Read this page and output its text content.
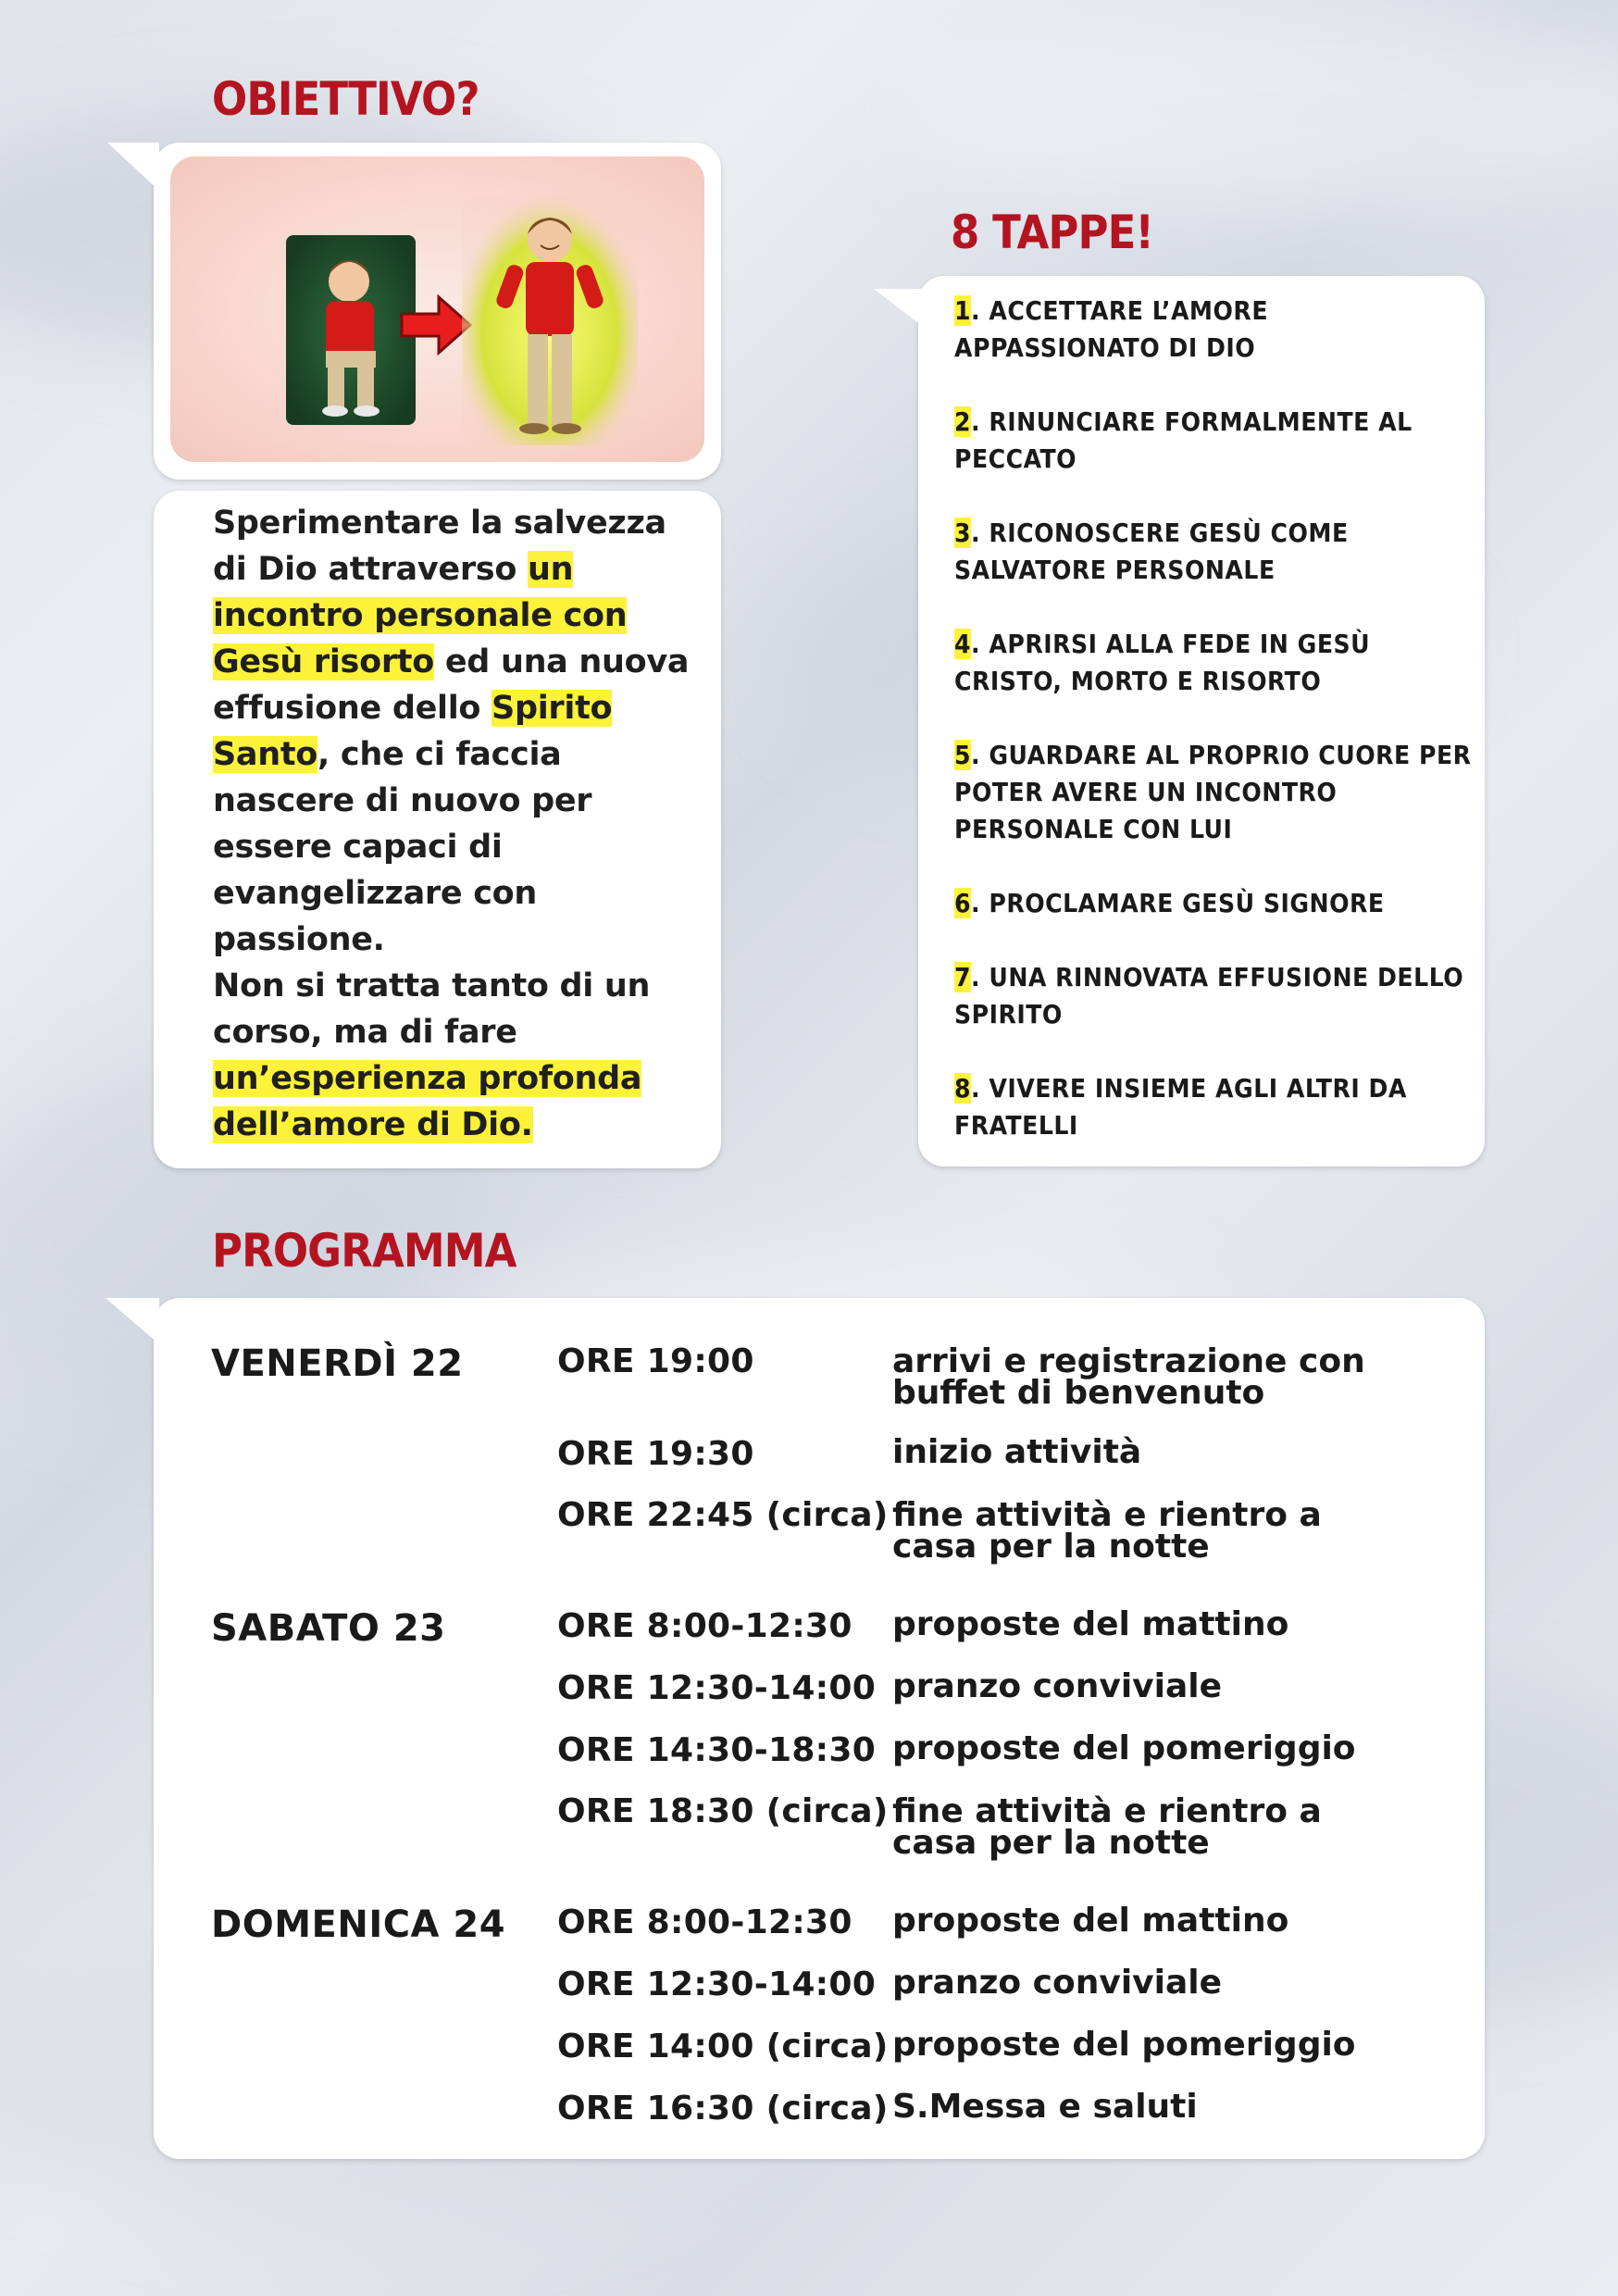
OBIETTIVO?
Sperimentare la salvezza di Dio attraverso un incontro personale con Gesù risorto ed una nuova effusione dello Spirito Santo, che ci faccia nascere di nuovo per essere capaci di evangelizzare con passione.
Non si tratta tanto di un corso, ma di fare un’esperienza profonda dell’amore di Dio.
8 TAPPE!
1. ACCETTARE L’AMORE APPASSIONATO DI DIO
2. RINUNCIARE FORMALMENTE AL PECCATO
3. RICONOSCERE GESÙ COME SALVATORE PERSONALE
4. APRIRSI ALLA FEDE IN GESÙ CRISTO, MORTO E RISORTO
5. GUARDARE AL PROPRIO CUORE PER POTER AVERE UN INCONTRO PERSONALE CON LUI
6. PROCLAMARE GESÙ SIGNORE
7. UNA RINNOVATA EFFUSIONE DELLO SPIRITO
8. VIVERE INSIEME AGLI ALTRI DA FRATELLI
PROGRAMMA
VENERDÌ 22	ORE 19:00	arrivi e registrazione con buffet di benvenuto
ORE 19:30	inizio attività
ORE 22:45 (circa) fine attività e rientro a casa per la notte
SABATO 23	ORE 8:00-12:30 proposte del mattino
ORE 12:30-14:00 pranzo conviviale
ORE 14:30-18:30 proposte del pomeriggio
ORE 18:30 (circa) fine attività e rientro a casa per la notte
DOMENICA 24 ORE 8:00-12:30 proposte del mattino
ORE 12:30-14:00 pranzo conviviale
ORE 14:00 (circa) proposte del pomeriggio
ORE 16:30 (circa) S.Messa e saluti
